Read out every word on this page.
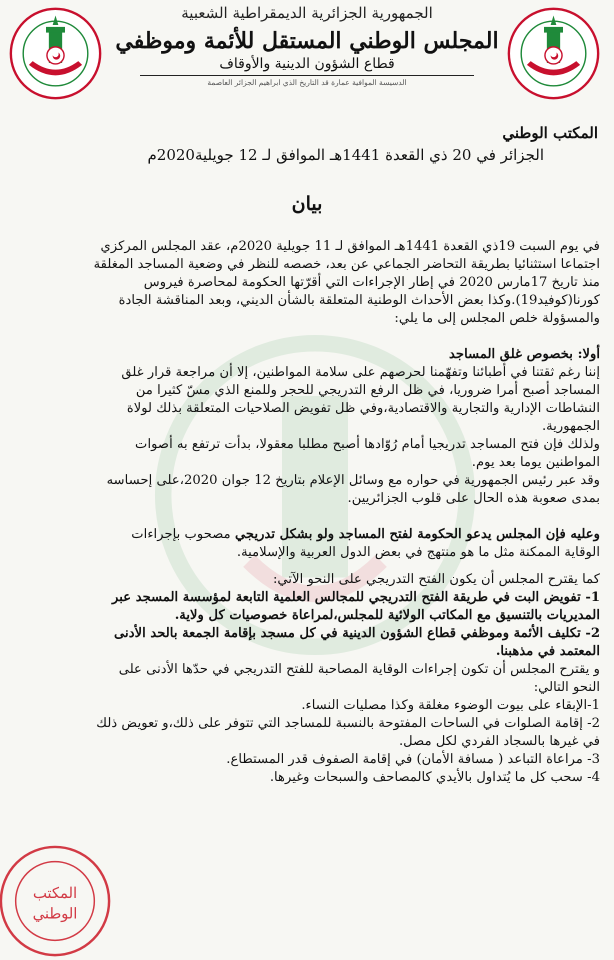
الجمهورية الجزائرية الديمقراطية الشعبية
المجلس الوطني المستقل للأئمة وموظفي
قطاع الشؤون الدينية والأوقاف
الدسيسة الموافية عمارة قد التاريخ الذي ابراهيم الجزائر العاصمة
المكتب الوطني
الجزائر في 20 ذي القعدة 1441هـ الموافق لـ 12 جويلية2020م
بيان

في يوم السبت 19ذي القعدة 1441هـ الموافق لـ 11 جويلية 2020م، عقد المجلس المركزي

اجتماعا استثنائيا بطريقة التحاضر الجماعي عن بعد، خصصه للنظر في وضعية المساجد المغلقة

منذ تاريخ 17مارس 2020 في إطار الإجراءات التي أقرّتها الحكومة لمحاصرة فيروس

كورنا(كوفيد19).وكذا بعض الأحداث الوطنية المتعلقة بالشأن الديني، وبعد المناقشة الجادة

والمسؤولة خلص المجلس إلى ما يلي:

أولا: بخصوص غلق المساجد

إننا رغم ثقتنا في أطبائنا وتفهّمنا لحرصهم على سلامة المواطنين، إلا أن مراجعة قرار غلق

المساجد أصبح أمرا ضروريا، في ظل الرفع التدريجي للحجر وللمنع الذي مسّ كثيرا من

النشاطات الإدارية والتجارية والاقتصادية،وفي ظل تفويض الصلاحيات المتعلقة بذلك لولاة

الجمهورية.

ولذلك فإن فتح المساجد تدريجيا أمام رُوّادها أصبح مطلبا معقولا، بدأت ترتفع به أصوات

المواطنين يوما بعد يوم.

وقد عبر رئيس الجمهورية في حواره مع وسائل الإعلام بتاريخ 12 جوان 2020،على إحساسه

بمدى صعوبة هذه الحال على قلوب الجزائريين.

وعليه فإن المجلس يدعو الحكومة لفتح المساجد ولو بشكل تدريجي مصحوب بإجراءات

الوقاية الممكنة مثل ما هو منتهج في بعض الدول العربية والإسلامية.

كما يقترح المجلس أن يكون الفتح التدريجي على النحو الآتي:

1- تفويض البت في طريقة الفتح التدريجي للمجالس العلمية التابعة لمؤسسة المسجد عبر

المديريات بالتنسيق مع المكاتب الولائية للمجلس،لمراعاة خصوصيات كل ولاية.

2- تكليف الأئمة وموظفي قطاع الشؤون الدينية في كل مسجد بإقامة الجمعة بالحد الأدنى

المعتمد في مذهبنا.

و يقترح المجلس أن تكون إجراءات الوقاية المصاحبة للفتح التدريجي في حدّها الأدنى على

النحو التالي:

1-الإبقاء على بيوت الوضوء مغلقة وكذا مصليات النساء.

2- إقامة الصلوات في الساحات المفتوحة بالنسبة للمساجد التي تتوفر على ذلك،و تعويض ذلك

في غيرها بالسجاد الفردي لكل مصل.

3- مراعاة التباعد ( مسافة الأمان) في إقامة الصفوف قدر المستطاع.

4- سحب كل ما يُتداول بالأيدي كالمصاحف والسبحات وغيرها.

المكتب
الوطني
